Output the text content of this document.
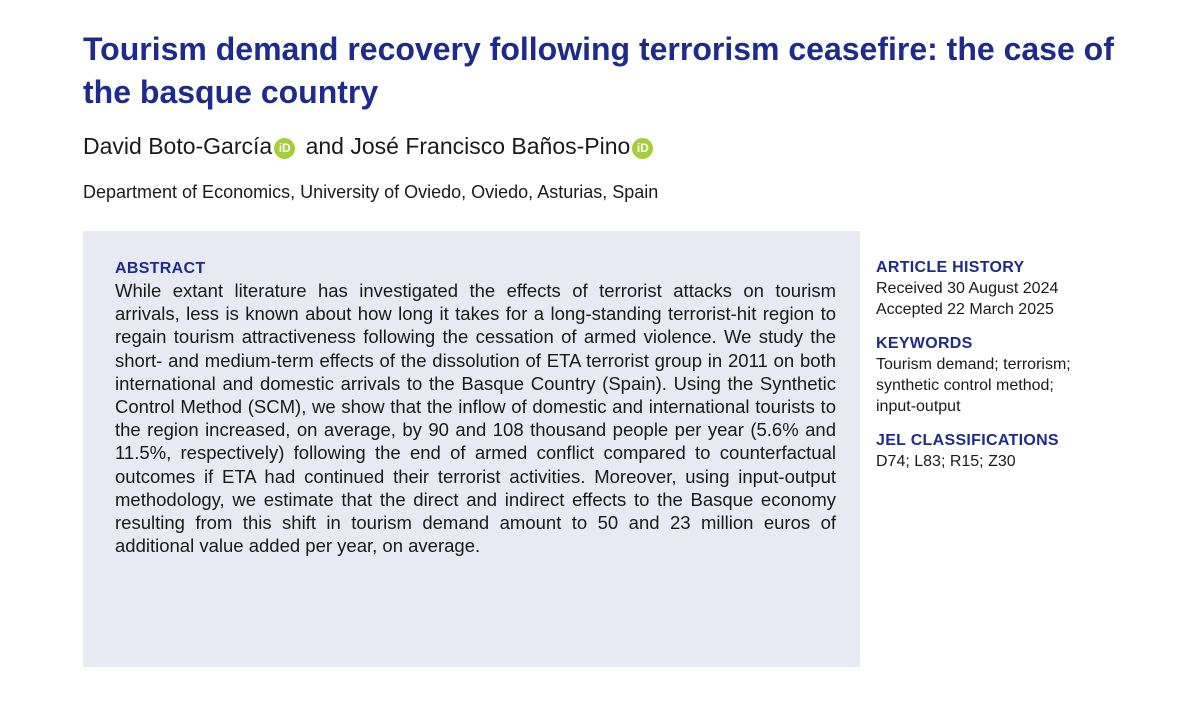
Tourism demand recovery following terrorism ceasefire: the case of the basque country
David Boto-García iD and José Francisco Baños-Pino iD
Department of Economics, University of Oviedo, Oviedo, Asturias, Spain
ABSTRACT

While extant literature has investigated the effects of terrorist attacks on tourism arrivals, less is known about how long it takes for a long-standing terrorist-hit region to regain tourism attractiveness following the cessation of armed violence. We study the short- and medium-term effects of the dissolution of ETA terrorist group in 2011 on both international and domestic arrivals to the Basque Country (Spain). Using the Synthetic Control Method (SCM), we show that the inflow of domestic and international tourists to the region increased, on average, by 90 and 108 thousand people per year (5.6% and 11.5%, respectively) following the end of armed conflict compared to counterfactual outcomes if ETA had continued their terrorist activities. Moreover, using input-output methodology, we estimate that the direct and indirect effects to the Basque economy resulting from this shift in tourism demand amount to 50 and 23 million euros of additional value added per year, on average.

ARTICLE HISTORY
Received 30 August 2024
Accepted 22 March 2025
KEYWORDS
Tourism demand; terrorism; synthetic control method; input-output
JEL CLASSIFICATIONS
D74; L83; R15; Z30
